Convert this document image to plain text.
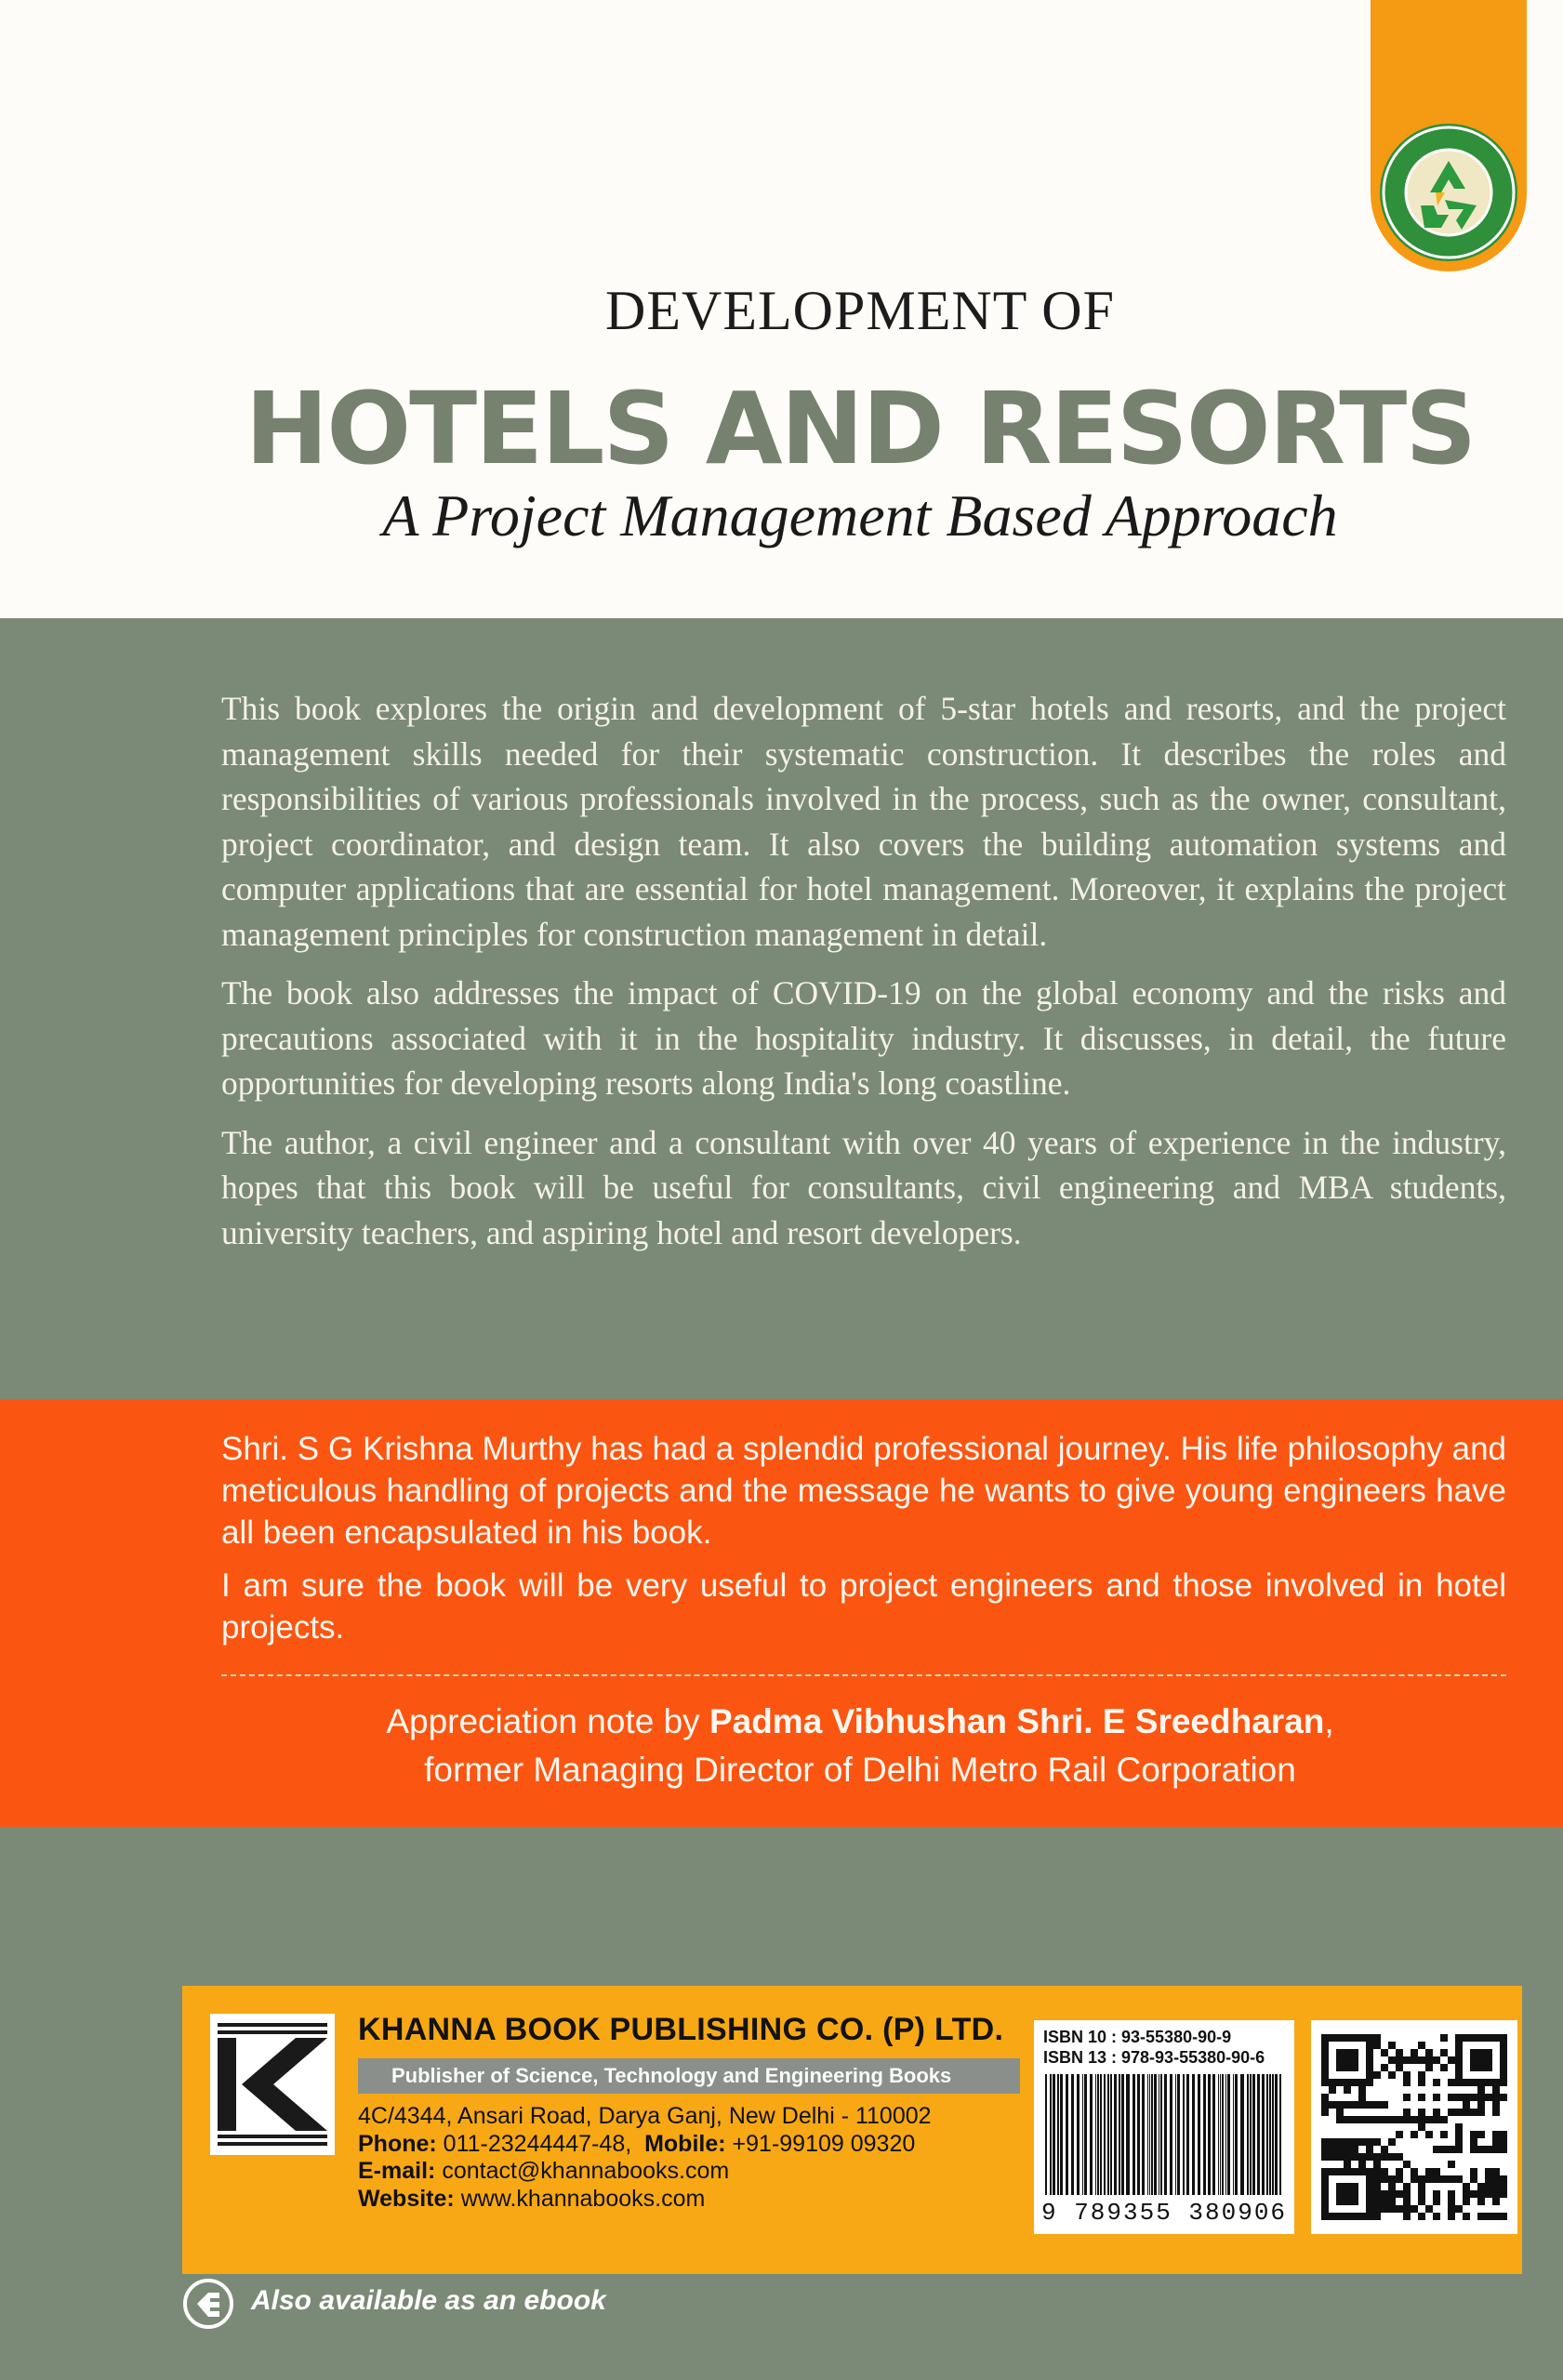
DEVELOPMENT OF
HOTELS AND RESORTS
A Project Management Based Approach

This book explores the origin and development of 5-star hotels and resorts, and the project management skills needed for their systematic construction. It describes the roles and responsibilities of various professionals involved in the process, such as the owner, consultant, project coordinator, and design team. It also covers the building automation systems and computer applications that are essential for hotel management. Moreover, it explains the project management principles for construction management in detail.

The book also addresses the impact of COVID-19 on the global economy and the risks and precautions associated with it in the hospitality industry. It discusses, in detail, the future opportunities for developing resorts along India's long coastline.

The author, a civil engineer and a consultant with over 40 years of experience in the industry, hopes that this book will be useful for consultants, civil engineering and MBA students, university teachers, and aspiring hotel and resort developers.

Shri. S G Krishna Murthy has had a splendid professional journey. His life philosophy and meticulous handling of projects and the message he wants to give young engineers have all been encapsulated in his book.

I am sure the book will be very useful to project engineers and those involved in hotel projects.

Appreciation note by Padma Vibhushan Shri. E Sreedharan,
former Managing Director of Delhi Metro Rail Corporation
KHANNA BOOK PUBLISHING CO. (P) LTD.
Publisher of Science, Technology and Engineering Books
4C/4344, Ansari Road, Darya Ganj, New Delhi - 110002
Phone: 011-23244447-48, Mobile: +91-99109 09320
E-mail: contact@khannabooks.com
Website: www.khannabooks.com
ISBN 10 : 93-55380-90-9
ISBN 13 : 978-93-55380-90-6
9 789355 380906
Also available as an ebook
